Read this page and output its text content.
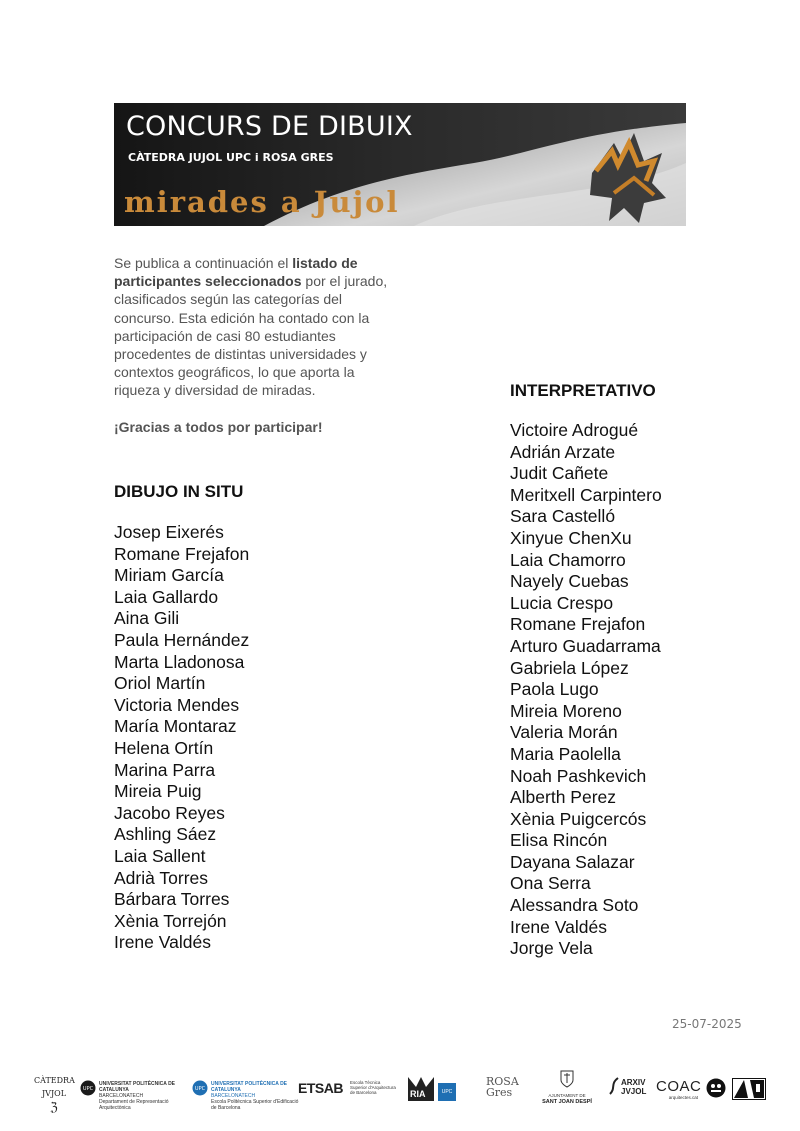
CONCURS DE DIBUIX
CÀTEDRA JUJOL UPC i ROSA GRES
mirades a Jujol

Se publica a continuación el listado de participantes seleccionados por el jurado, clasificados según las categorías del concurso. Esta edición ha contado con la participación de casi 80 estudiantes procedentes de distintas universidades y contextos geográficos, lo que aporta la riqueza y diversidad de miradas.

¡Gracias a todos por participar!

DIBUJO IN SITU
Josep Eixerés
Romane Frejafon
Miriam García
Laia Gallardo
Aina Gili
Paula Hernández
Marta Lladonosa
Oriol Martín
Victoria Mendes
María Montaraz
Helena Ortín
Marina Parra
Mireia Puig
Jacobo Reyes
Ashling Sáez
Laia Sallent
Adrià Torres
Bárbara Torres
Xènia Torrejón
Irene Valdés
INTERPRETATIVO
Victoire Adrogué
Adrián Arzate
Judit Cañete
Meritxell Carpintero
Sara Castelló
Xinyue ChenXu
Laia Chamorro
Nayely Cuebas
Lucia Crespo
Romane Frejafon
Arturo Guadarrama
Gabriela López
Paola Lugo
Mireia Moreno
Valeria Morán
Maria Paolella
Noah Pashkevich
Alberth Perez
Xènia Puigcercós
Elisa Rincón
Dayana Salazar
Ona Serra
Alessandra Soto
Irene Valdés
Jorge Vela
25-07-2025
CÀTEDRA
JVJOL
ℨ
UPC
UNIVERSITAT POLITÈCNICA DE CATALUNYA
BARCELONATECH
Departament de Representació Arquitectònica
UPC
UNIVERSITAT POLITÈCNICA DE CATALUNYA
BARCELONATECH
Escola Politècnica Superior d'Edificació de Barcelona
ETSAB Escola Tècnica Superior d'Arquitectura de Barcelona	RIA	UPC
ROSA
Gres	AJUNTAMENT DE
SANT JOAN DESPÍ
ARXIV
JVJOL COAC
arquitectes.cat
